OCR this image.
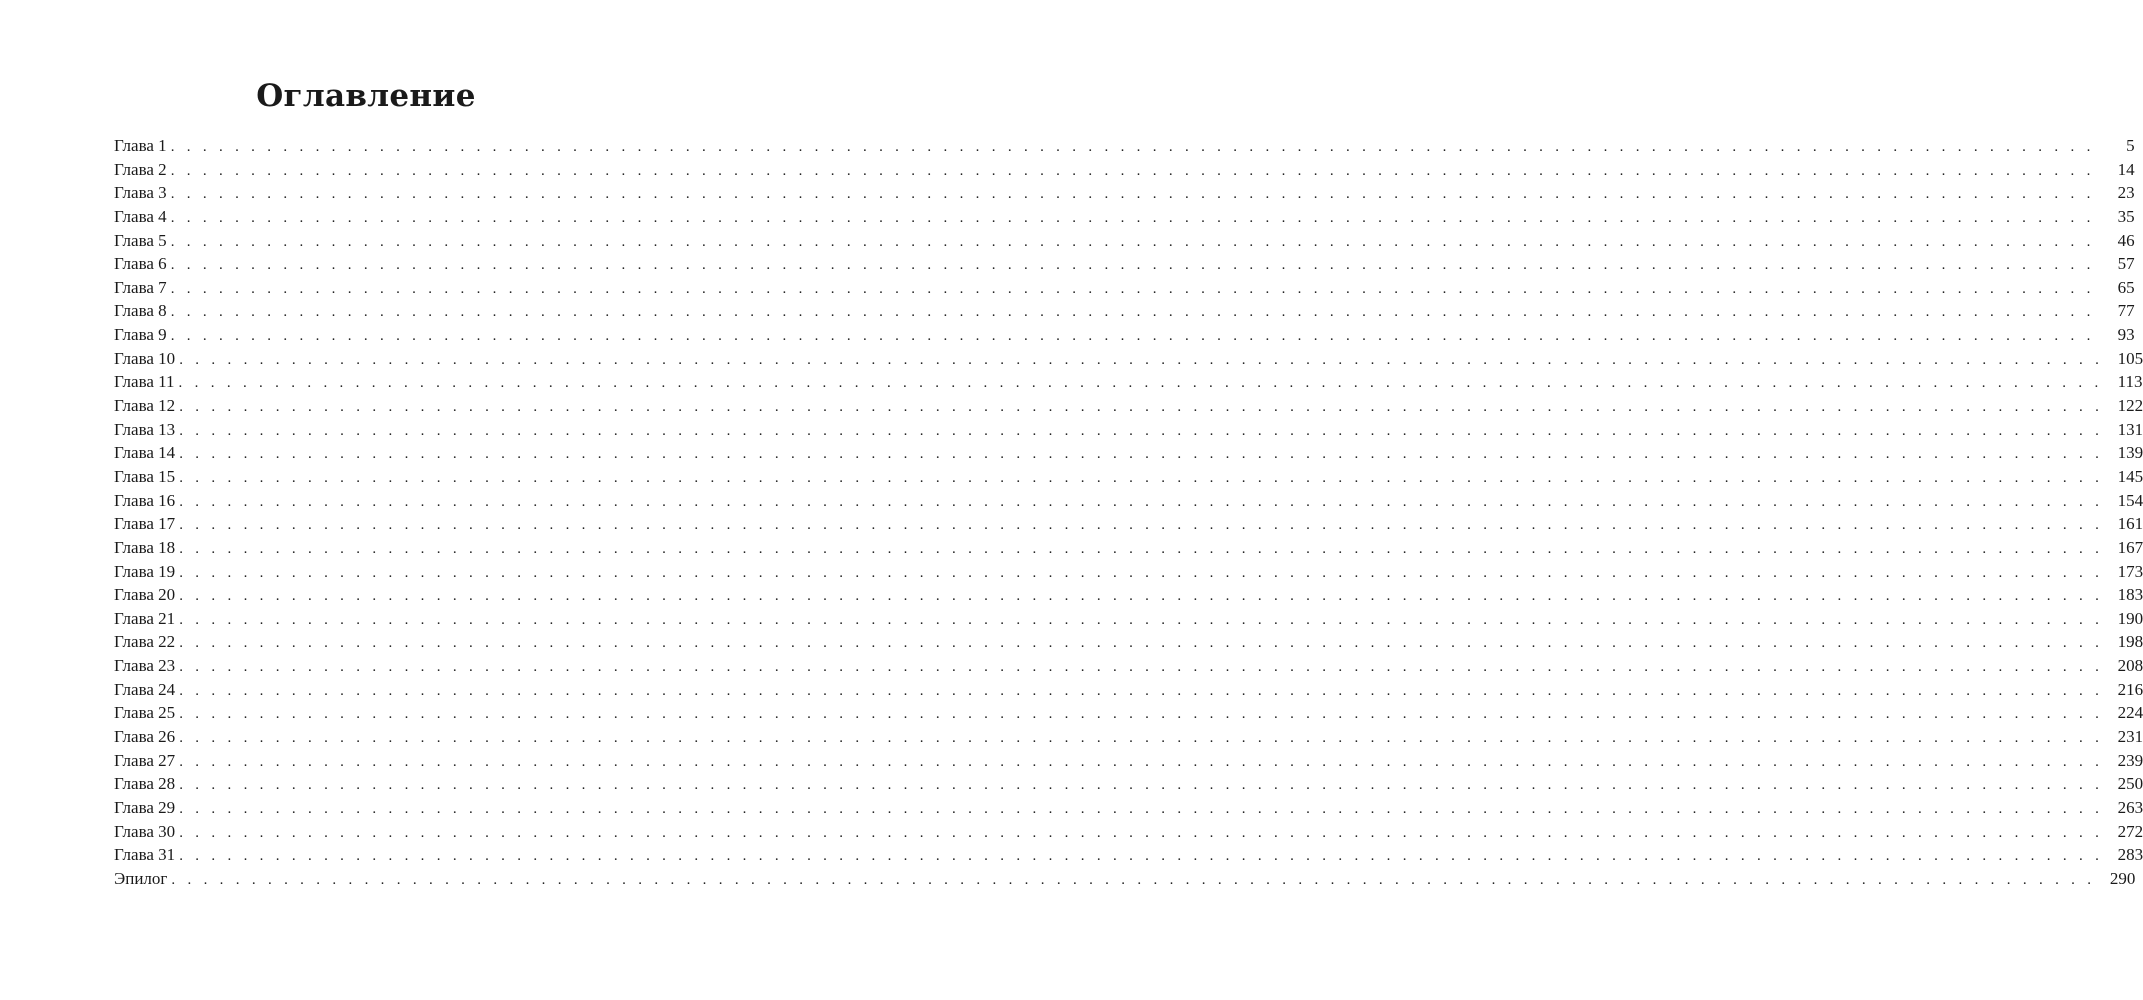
Оглавление
Глава 1 . . . . . . . . . . . . . . . . . . . . . . . . . . . . . . . . . . . . . . . . . . . . . . . . . . . . . . . . . . . . . . . . . . . . . . . . . . . . . . . . . . . . . . . . . . . . . . . . . . . . . . . . . . . . . . . . . . . . . . . .	5
Глава 2 . . . . . . . . . . . . . . . . . . . . . . . . . . . . . . . . . . . . . . . . . . . . . . . . . . . . . . . . . . . . . . . . . . . . . . . . . . . . . . . . . . . . . . . . . . . . . . . . . . . . . . . . . . . . . . . . . . . . . . . .	14
Глава 3 . . . . . . . . . . . . . . . . . . . . . . . . . . . . . . . . . . . . . . . . . . . . . . . . . . . . . . . . . . . . . . . . . . . . . . . . . . . . . . . . . . . . . . . . . . . . . . . . . . . . . . . . . . . . . . . . . . . . . . . .	23
Глава 4 . . . . . . . . . . . . . . . . . . . . . . . . . . . . . . . . . . . . . . . . . . . . . . . . . . . . . . . . . . . . . . . . . . . . . . . . . . . . . . . . . . . . . . . . . . . . . . . . . . . . . . . . . . . . . . . . . . . . . . . .	35
Глава 5 . . . . . . . . . . . . . . . . . . . . . . . . . . . . . . . . . . . . . . . . . . . . . . . . . . . . . . . . . . . . . . . . . . . . . . . . . . . . . . . . . . . . . . . . . . . . . . . . . . . . . . . . . . . . . . . . . . . . . . . .	46
Глава 6 . . . . . . . . . . . . . . . . . . . . . . . . . . . . . . . . . . . . . . . . . . . . . . . . . . . . . . . . . . . . . . . . . . . . . . . . . . . . . . . . . . . . . . . . . . . . . . . . . . . . . . . . . . . . . . . . . . . . . . . .	57
Глава 7 . . . . . . . . . . . . . . . . . . . . . . . . . . . . . . . . . . . . . . . . . . . . . . . . . . . . . . . . . . . . . . . . . . . . . . . . . . . . . . . . . . . . . . . . . . . . . . . . . . . . . . . . . . . . . . . . . . . . . . . .	65
Глава 8 . . . . . . . . . . . . . . . . . . . . . . . . . . . . . . . . . . . . . . . . . . . . . . . . . . . . . . . . . . . . . . . . . . . . . . . . . . . . . . . . . . . . . . . . . . . . . . . . . . . . . . . . . . . . . . . . . . . . . . . .	77
Глава 9 . . . . . . . . . . . . . . . . . . . . . . . . . . . . . . . . . . . . . . . . . . . . . . . . . . . . . . . . . . . . . . . . . . . . . . . . . . . . . . . . . . . . . . . . . . . . . . . . . . . . . . . . . . . . . . . . . . . . . . . .	93
Глава 10 . . . . . . . . . . . . . . . . . . . . . . . . . . . . . . . . . . . . . . . . . . . . . . . . . . . . . . . . . . . . . . . . . . . . . . . . . . . . . . . . . . . . . . . . . . . . . . . . . . . . . . . . . . . . . . . . . . . . . . . . 105
Глава 11 . . . . . . . . . . . . . . . . . . . . . . . . . . . . . . . . . . . . . . . . . . . . . . . . . . . . . . . . . . . . . . . . . . . . . . . . . . . . . . . . . . . . . . . . . . . . . . . . . . . . . . . . . . . . . . . . . . . . . . . . 113
Глава 12 . . . . . . . . . . . . . . . . . . . . . . . . . . . . . . . . . . . . . . . . . . . . . . . . . . . . . . . . . . . . . . . . . . . . . . . . . . . . . . . . . . . . . . . . . . . . . . . . . . . . . . . . . . . . . . . . . . . . . . . . 122
Глава 13 . . . . . . . . . . . . . . . . . . . . . . . . . . . . . . . . . . . . . . . . . . . . . . . . . . . . . . . . . . . . . . . . . . . . . . . . . . . . . . . . . . . . . . . . . . . . . . . . . . . . . . . . . . . . . . . . . . . . . . . . 131
Глава 14 . . . . . . . . . . . . . . . . . . . . . . . . . . . . . . . . . . . . . . . . . . . . . . . . . . . . . . . . . . . . . . . . . . . . . . . . . . . . . . . . . . . . . . . . . . . . . . . . . . . . . . . . . . . . . . . . . . . . . . . . 139
Глава 15 . . . . . . . . . . . . . . . . . . . . . . . . . . . . . . . . . . . . . . . . . . . . . . . . . . . . . . . . . . . . . . . . . . . . . . . . . . . . . . . . . . . . . . . . . . . . . . . . . . . . . . . . . . . . . . . . . . . . . . . . 145
Глава 16 . . . . . . . . . . . . . . . . . . . . . . . . . . . . . . . . . . . . . . . . . . . . . . . . . . . . . . . . . . . . . . . . . . . . . . . . . . . . . . . . . . . . . . . . . . . . . . . . . . . . . . . . . . . . . . . . . . . . . . . . 154
Глава 17 . . . . . . . . . . . . . . . . . . . . . . . . . . . . . . . . . . . . . . . . . . . . . . . . . . . . . . . . . . . . . . . . . . . . . . . . . . . . . . . . . . . . . . . . . . . . . . . . . . . . . . . . . . . . . . . . . . . . . . . . 161
Глава 18 . . . . . . . . . . . . . . . . . . . . . . . . . . . . . . . . . . . . . . . . . . . . . . . . . . . . . . . . . . . . . . . . . . . . . . . . . . . . . . . . . . . . . . . . . . . . . . . . . . . . . . . . . . . . . . . . . . . . . . . . 167
Глава 19 . . . . . . . . . . . . . . . . . . . . . . . . . . . . . . . . . . . . . . . . . . . . . . . . . . . . . . . . . . . . . . . . . . . . . . . . . . . . . . . . . . . . . . . . . . . . . . . . . . . . . . . . . . . . . . . . . . . . . . . . 173
Глава 20 . . . . . . . . . . . . . . . . . . . . . . . . . . . . . . . . . . . . . . . . . . . . . . . . . . . . . . . . . . . . . . . . . . . . . . . . . . . . . . . . . . . . . . . . . . . . . . . . . . . . . . . . . . . . . . . . . . . . . . . . 183
Глава 21 . . . . . . . . . . . . . . . . . . . . . . . . . . . . . . . . . . . . . . . . . . . . . . . . . . . . . . . . . . . . . . . . . . . . . . . . . . . . . . . . . . . . . . . . . . . . . . . . . . . . . . . . . . . . . . . . . . . . . . . . 190
Глава 22 . . . . . . . . . . . . . . . . . . . . . . . . . . . . . . . . . . . . . . . . . . . . . . . . . . . . . . . . . . . . . . . . . . . . . . . . . . . . . . . . . . . . . . . . . . . . . . . . . . . . . . . . . . . . . . . . . . . . . . . . 198
Глава 23 . . . . . . . . . . . . . . . . . . . . . . . . . . . . . . . . . . . . . . . . . . . . . . . . . . . . . . . . . . . . . . . . . . . . . . . . . . . . . . . . . . . . . . . . . . . . . . . . . . . . . . . . . . . . . . . . . . . . . . . . 208
Глава 24 . . . . . . . . . . . . . . . . . . . . . . . . . . . . . . . . . . . . . . . . . . . . . . . . . . . . . . . . . . . . . . . . . . . . . . . . . . . . . . . . . . . . . . . . . . . . . . . . . . . . . . . . . . . . . . . . . . . . . . . . 216
Глава 25 . . . . . . . . . . . . . . . . . . . . . . . . . . . . . . . . . . . . . . . . . . . . . . . . . . . . . . . . . . . . . . . . . . . . . . . . . . . . . . . . . . . . . . . . . . . . . . . . . . . . . . . . . . . . . . . . . . . . . . . . 224
Глава 26 . . . . . . . . . . . . . . . . . . . . . . . . . . . . . . . . . . . . . . . . . . . . . . . . . . . . . . . . . . . . . . . . . . . . . . . . . . . . . . . . . . . . . . . . . . . . . . . . . . . . . . . . . . . . . . . . . . . . . . . . 231
Глава 27 . . . . . . . . . . . . . . . . . . . . . . . . . . . . . . . . . . . . . . . . . . . . . . . . . . . . . . . . . . . . . . . . . . . . . . . . . . . . . . . . . . . . . . . . . . . . . . . . . . . . . . . . . . . . . . . . . . . . . . . . 239
Глава 28 . . . . . . . . . . . . . . . . . . . . . . . . . . . . . . . . . . . . . . . . . . . . . . . . . . . . . . . . . . . . . . . . . . . . . . . . . . . . . . . . . . . . . . . . . . . . . . . . . . . . . . . . . . . . . . . . . . . . . . . . 250
Глава 29 . . . . . . . . . . . . . . . . . . . . . . . . . . . . . . . . . . . . . . . . . . . . . . . . . . . . . . . . . . . . . . . . . . . . . . . . . . . . . . . . . . . . . . . . . . . . . . . . . . . . . . . . . . . . . . . . . . . . . . . . 263
Глава 30 . . . . . . . . . . . . . . . . . . . . . . . . . . . . . . . . . . . . . . . . . . . . . . . . . . . . . . . . . . . . . . . . . . . . . . . . . . . . . . . . . . . . . . . . . . . . . . . . . . . . . . . . . . . . . . . . . . . . . . . . 272
Глава 31 . . . . . . . . . . . . . . . . . . . . . . . . . . . . . . . . . . . . . . . . . . . . . . . . . . . . . . . . . . . . . . . . . . . . . . . . . . . . . . . . . . . . . . . . . . . . . . . . . . . . . . . . . . . . . . . . . . . . . . . . 283
Эпилог . . . . . . . . . . . . . . . . . . . . . . . . . . . . . . . . . . . . . . . . . . . . . . . . . . . . . . . . . . . . . . . . . . . . . . . . . . . . . . . . . . . . . . . . . . . . . . . . . . . . . . . . . . . . . . . . . . . . . . . . 290
